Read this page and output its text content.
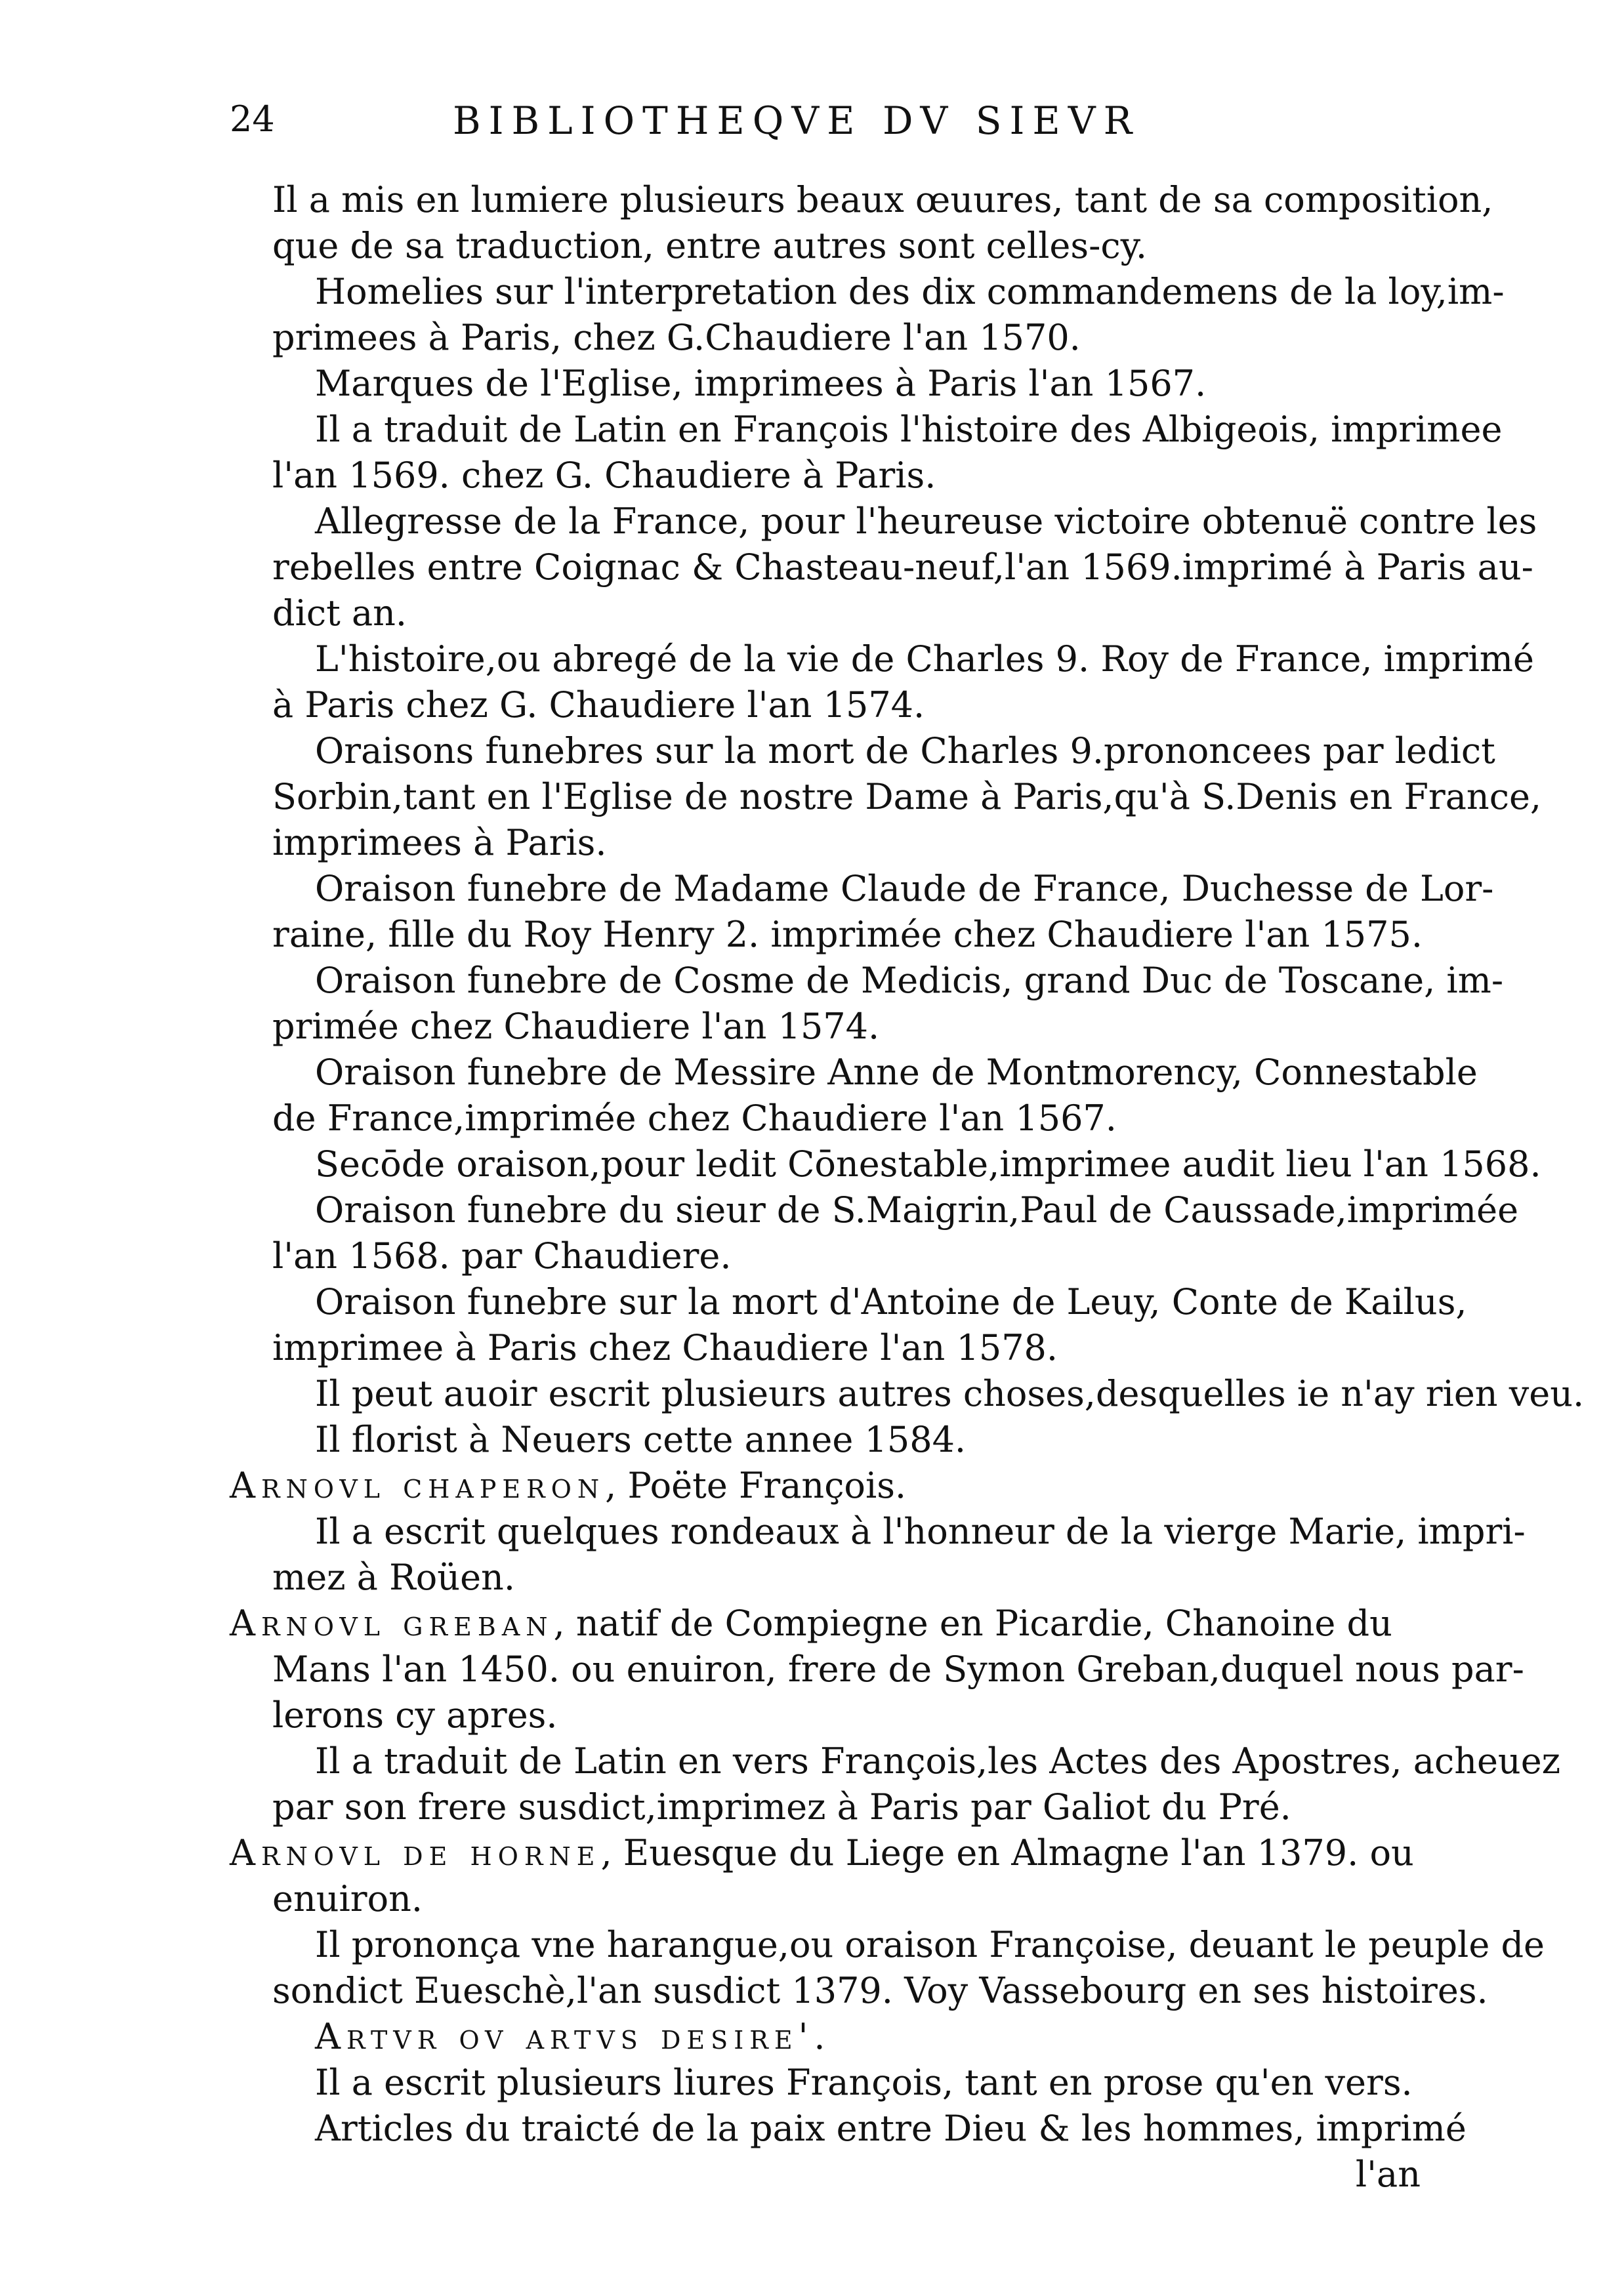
24	BIBLIOTHEQVE DV SIEVR
Il a mis en lumiere plusieurs beaux œuures, tant de sa composition,
que de sa traduction, entre autres sont celles-cy.
Homelies sur l'interpretation des dix commandemens de la loy,im-
primees à Paris, chez G.Chaudiere l'an 1570.
Marques de l'Eglise, imprimees à Paris l'an 1567.
Il a traduit de Latin en François l'histoire des Albigeois, imprimee
l'an 1569. chez G. Chaudiere à Paris.
Allegresse de la France, pour l'heureuse victoire obtenuë contre les
rebelles entre Coignac & Chasteau-neuf,l'an 1569.imprimé à Paris au-
dict an.
L'histoire,ou abregé de la vie de Charles 9. Roy de France, imprimé
à Paris chez G. Chaudiere l'an 1574.
Oraisons funebres sur la mort de Charles 9.prononcees par ledict
Sorbin,tant en l'Eglise de nostre Dame à Paris,qu'à S.Denis en France,
imprimees à Paris.
Oraison funebre de Madame Claude de France, Duchesse de Lor-
raine, fille du Roy Henry 2. imprimée chez Chaudiere l'an 1575.
Oraison funebre de Cosme de Medicis, grand Duc de Toscane, im-
primée chez Chaudiere l'an 1574.
Oraison funebre de Messire Anne de Montmorency, Connestable
de France,imprimée chez Chaudiere l'an 1567.
Secōde oraison,pour ledit Cōnestable,imprimee audit lieu l'an 1568.
Oraison funebre du sieur de S.Maigrin,Paul de Caussade,imprimée
l'an 1568. par Chaudiere.
Oraison funebre sur la mort d'Antoine de Leuy, Conte de Kailus,
imprimee à Paris chez Chaudiere l'an 1578.
Il peut auoir escrit plusieurs autres choses,desquelles ie n'ay rien veu.
Il florist à Neuers cette annee 1584.
Arnovl chaperon, Poëte François.
Il a escrit quelques rondeaux à l'honneur de la vierge Marie, impri-
mez à Roüen.
Arnovl greban, natif de Compiegne en Picardie, Chanoine du
Mans l'an 1450. ou enuiron, frere de Symon Greban,duquel nous par-
lerons cy apres.
Il a traduit de Latin en vers François,les Actes des Apostres, acheuez
par son frere susdict,imprimez à Paris par Galiot du Pré.
Arnovl de horne, Euesque du Liege en Almagne l'an 1379. ou
enuiron.
Il prononça vne harangue,ou oraison Françoise, deuant le peuple de
sondict Eueschè,l'an susdict 1379. Voy Vassebourg en ses histoires.
Artvr ov artvs desire'.
Il a escrit plusieurs liures François, tant en prose qu'en vers.
Articles du traicté de la paix entre Dieu & les hommes, imprimé
l'an
